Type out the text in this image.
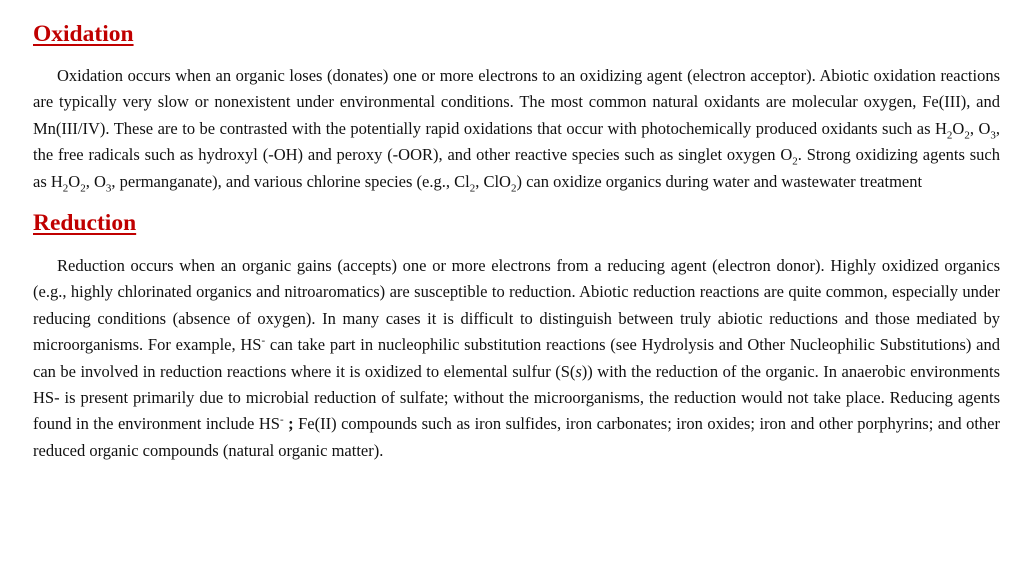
Oxidation

Oxidation occurs when an organic loses (donates) one or more electrons to an oxidizing agent (electron acceptor). Abiotic oxidation reactions are typically very slow or nonexistent under environmental conditions. The most common natural oxidants are molecular oxygen, Fe(III), and Mn(III/IV). These are to be contrasted with the potentially rapid oxidations that occur with photochemically produced oxidants such as $H_2O_2$, $O_3$, the free radicals such as hydroxyl (-OH) and peroxy (-OOR), and other reactive species such as singlet oxygen $O_2$. Strong oxidizing agents such as $H_2O_2$, $O_3$, permanganate), and various chlorine species (e.g., $Cl_2$, ClO$_2$) can oxidize organics during water and wastewater treatment

Reduction

Reduction occurs when an organic gains (accepts) one or more electrons from a reducing agent (electron donor). Highly oxidized organics (e.g., highly chlorinated organics and nitroaromatics) are susceptible to reduction. Abiotic reduction reactions are quite common, especially under reducing conditions (absence of oxygen). In many cases it is difficult to distinguish between truly abiotic reductions and those mediated by microorganisms. For example, HS- can take part in nucleophilic substitution reactions (see Hydrolysis and Other Nucleophilic Substitutions) and can be involved in reduction reactions where it is oxidized to elemental sulfur (S(s)) with the reduction of the organic. In anaerobic environments HS- is present primarily due to microbial reduction of sulfate; without the microorganisms, the reduction would not take place. Reducing agents found in the environment include HS- ; Fe(II) compounds such as iron sulfides, iron carbonates; iron oxides; iron and other porphyrins; and other reduced organic compounds (natural organic matter).
